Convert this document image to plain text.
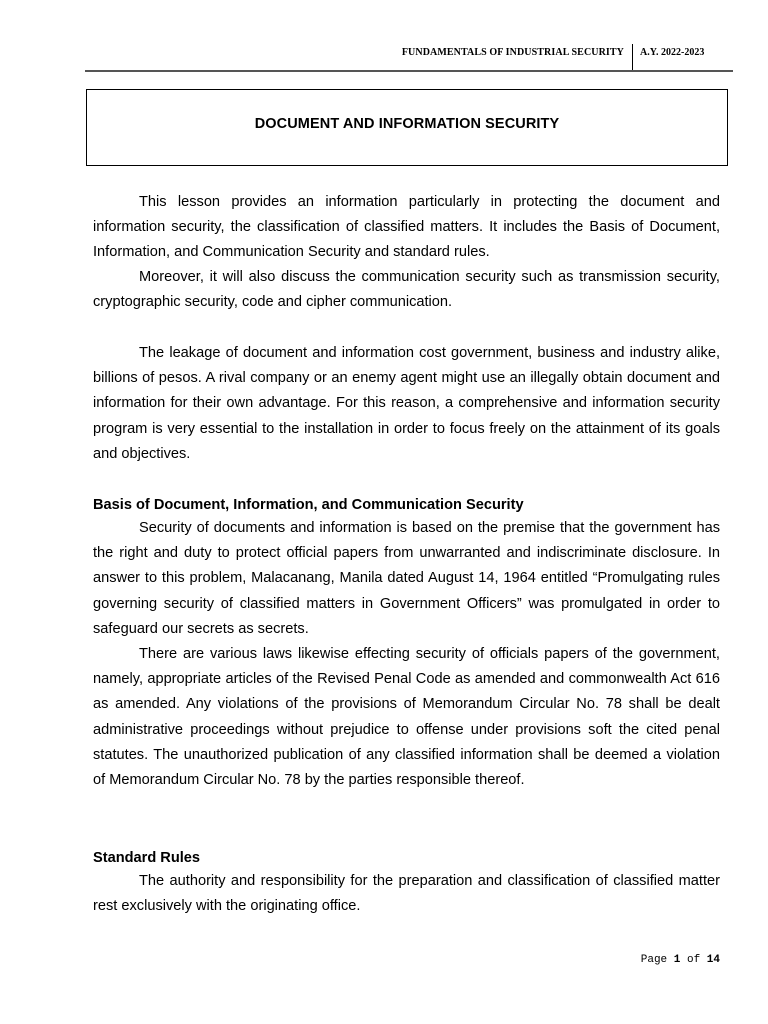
FUNDAMENTALS OF INDUSTRIAL SECURITY A.Y. 2022-2023
DOCUMENT AND INFORMATION SECURITY

This lesson provides an information particularly in protecting the document and information security, the classification of classified matters. It includes the Basis of Document, Information, and Communication Security and standard rules.

Moreover, it will also discuss the communication security such as transmission security, cryptographic security, code and cipher communication.

The leakage of document and information cost government, business and industry alike, billions of pesos. A rival company or an enemy agent might use an illegally obtain document and information for their own advantage. For this reason, a comprehensive and information security program is very essential to the installation in order to focus freely on the attainment of its goals and objectives.

Basis of Document, Information, and Communication Security

Security of documents and information is based on the premise that the government has the right and duty to protect official papers from unwarranted and indiscriminate disclosure. In answer to this problem, Malacanang, Manila dated August 14, 1964 entitled “Promulgating rules governing security of classified matters in Government Officers” was promulgated in order to safeguard our secrets as secrets.

There are various laws likewise effecting security of officials papers of the government, namely, appropriate articles of the Revised Penal Code as amended and commonwealth Act 616 as amended. Any violations of the provisions of Memorandum Circular No. 78 shall be dealt administrative proceedings without prejudice to offense under provisions soft the cited penal statutes. The unauthorized publication of any classified information shall be deemed a violation of Memorandum Circular No. 78 by the parties responsible thereof.

Standard Rules

The authority and responsibility for the preparation and classification of classified matter rest exclusively with the originating office.

Page 1 of 14
